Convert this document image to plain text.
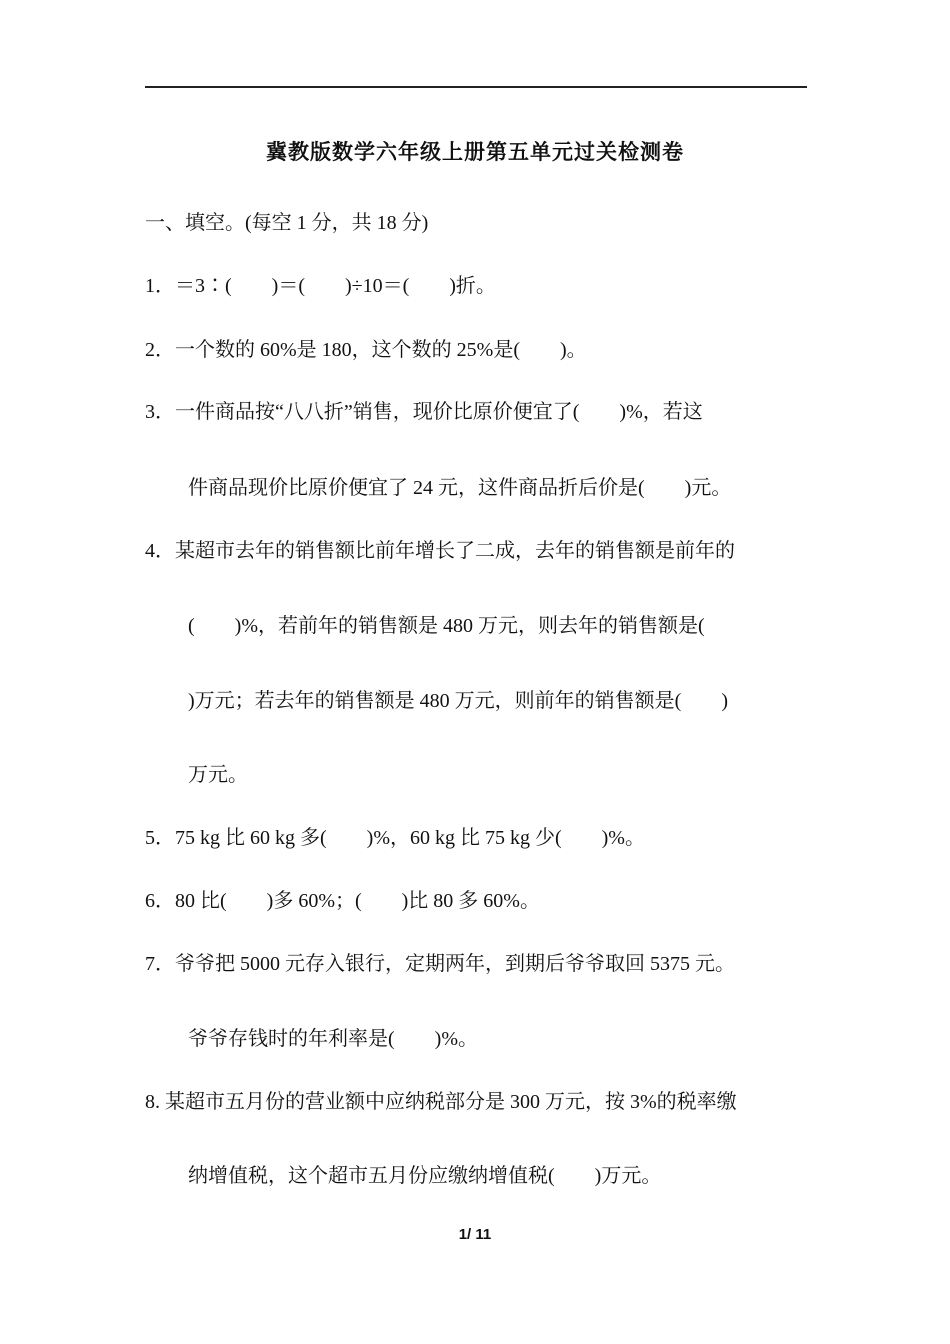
冀教版数学六年级上册第五单元过关检测卷
一、填空。(每空 1 分，共 18 分)
1．＝3∶(　　)＝(　　)÷10＝(　　)折。
2．一个数的 60%是 180，这个数的 25%是(　　)。
3．一件商品按“八八折”销售，现价比原价便宜了(　　)%，若这
件商品现价比原价便宜了 24 元，这件商品折后价是(　　)元。
4．某超市去年的销售额比前年增长了二成，去年的销售额是前年的
(　　)%，若前年的销售额是 480 万元，则去年的销售额是(
)万元；若去年的销售额是 480 万元，则前年的销售额是(　　)
万元。
5．75 kg 比 60 kg 多(　　)%，60 kg 比 75 kg 少(　　)%。
6．80 比(　　)多 60%；(　　)比 80 多 60%。
7．爷爷把 5000 元存入银行，定期两年，到期后爷爷取回 5375 元。
爷爷存钱时的年利率是(　　)%。
8. 某超市五月份的营业额中应纳税部分是 300 万元，按 3%的税率缴
纳增值税，这个超市五月份应缴纳增值税(　　)万元。
1/ 11
